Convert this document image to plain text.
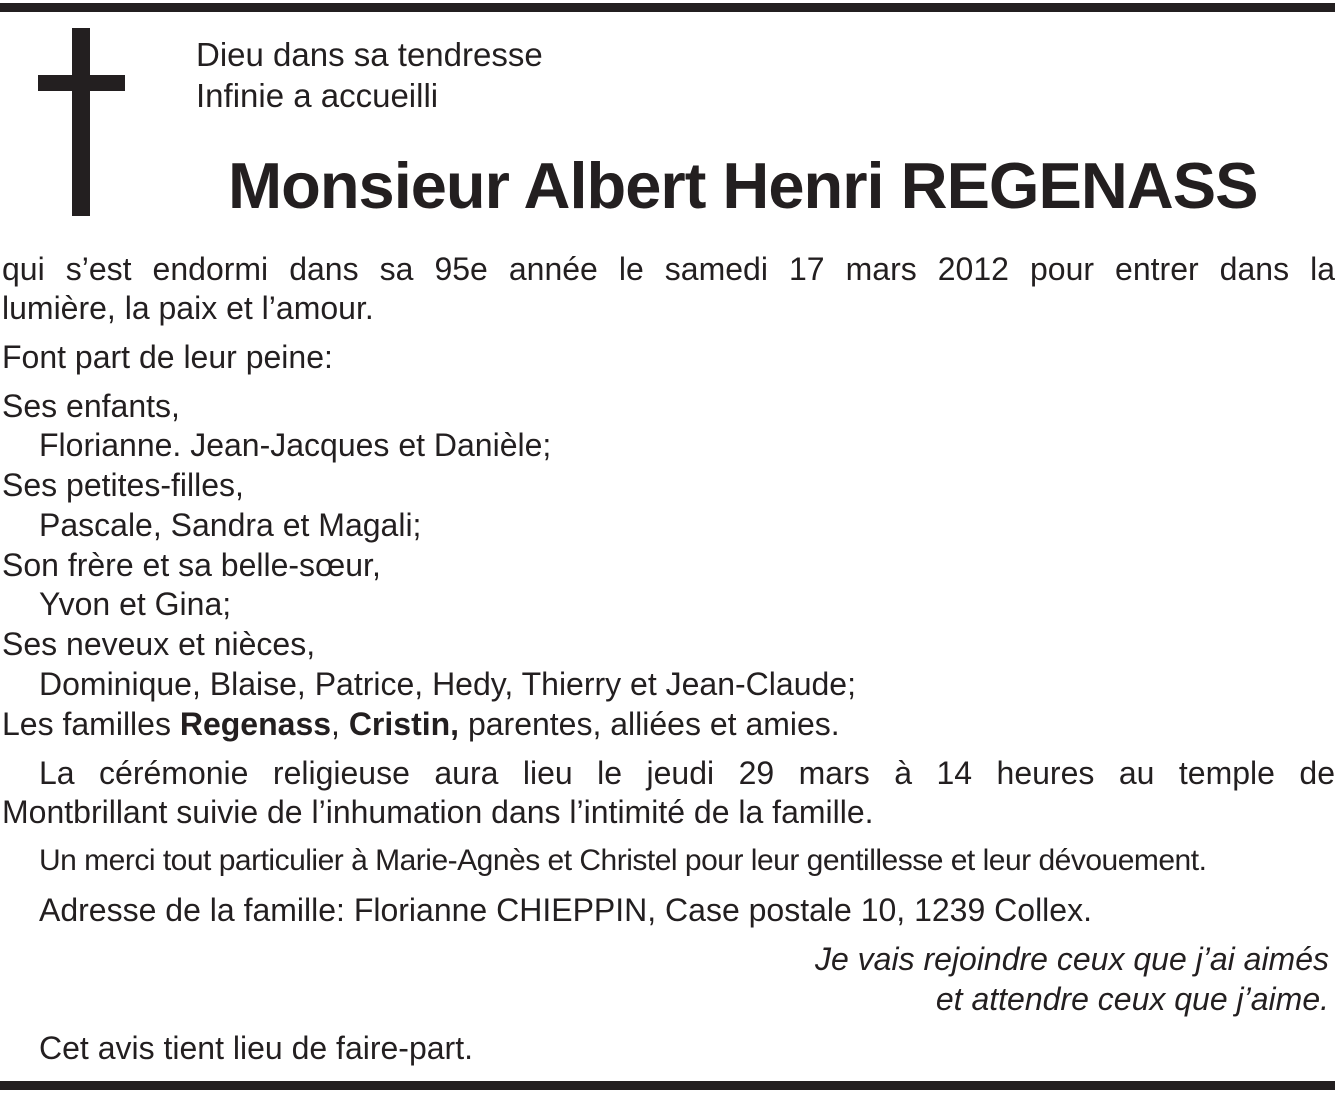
Dieu dans sa tendresse
Infinie a accueilli
Monsieur Albert Henri REGENASS
qui s’est endormi dans sa 95e année le samedi 17 mars 2012 pour entrer dans la
lumière, la paix et l’amour.
Font part de leur peine:
Ses enfants,
Florianne. Jean-Jacques et Danièle;
Ses petites-filles,
Pascale, Sandra et Magali;
Son frère et sa belle-sœur,
Yvon et Gina;
Ses neveux et nièces,
Dominique, Blaise, Patrice, Hedy, Thierry et Jean-Claude;
Les familles Regenass, Cristin, parentes, alliées et amies.
La cérémonie religieuse aura lieu le jeudi 29 mars à 14 heures au temple de
Montbrillant suivie de l’inhumation dans l’intimité de la famille.
Un merci tout particulier à Marie-Agnès et Christel pour leur gentillesse et leur dévouement.
Adresse de la famille: Florianne CHIEPPIN, Case postale 10, 1239 Collex.
Je vais rejoindre ceux que j’ai aimés
et attendre ceux que j’aime.
Cet avis tient lieu de faire-part.
